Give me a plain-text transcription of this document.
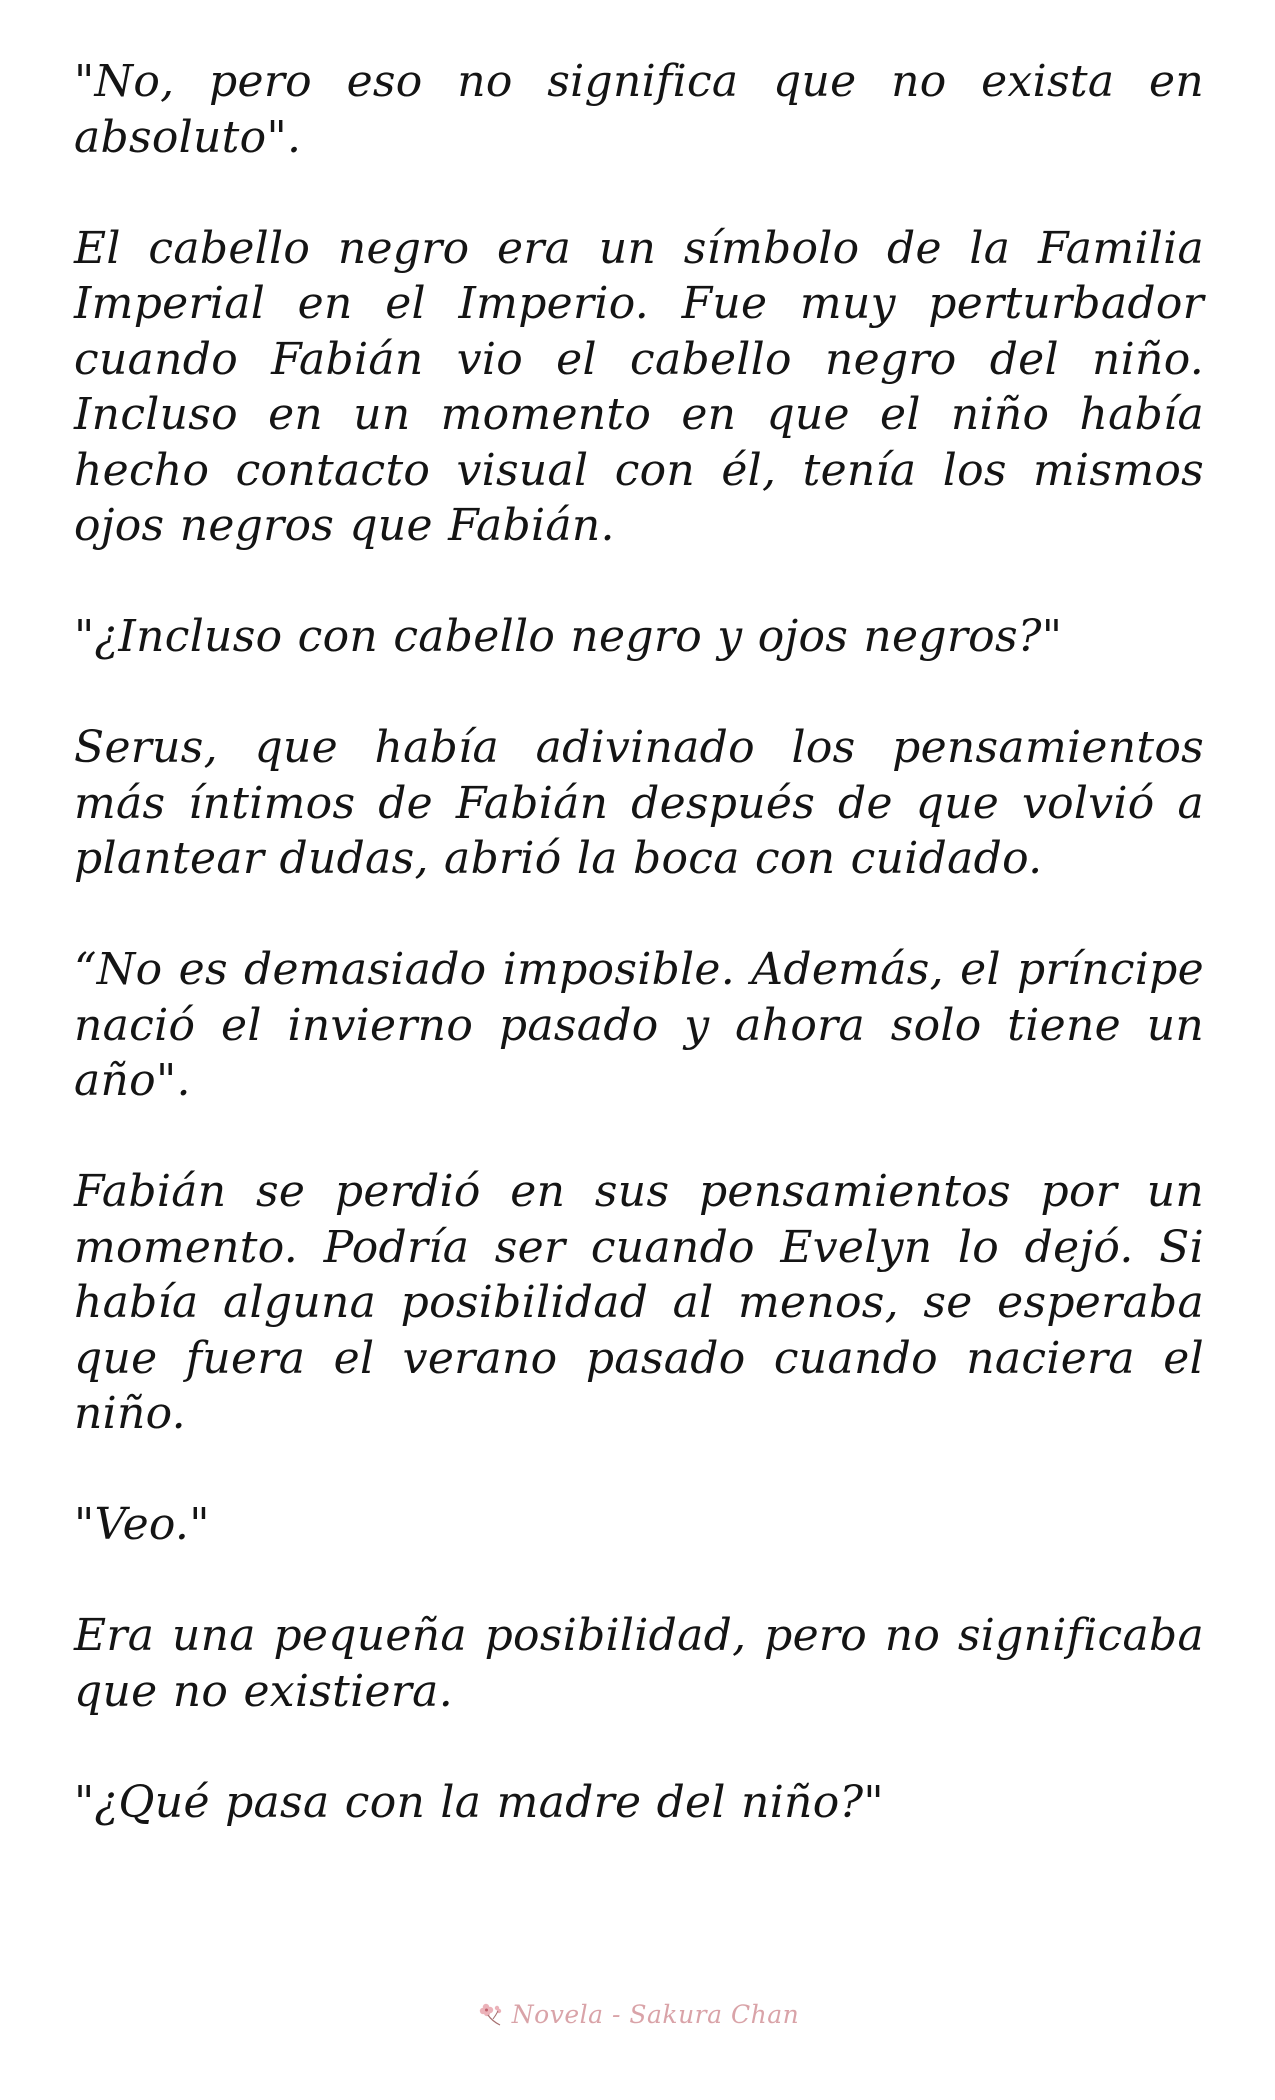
"No, pero eso no significa que no exista en absoluto".

El cabello negro era un símbolo de la Familia Imperial en el Imperio. Fue muy perturbador cuando Fabián vio el cabello negro del niño. Incluso en un momento en que el niño había hecho contacto visual con él, tenía los mismos ojos negros que Fabián.

"¿Incluso con cabello negro y ojos negros?"

Serus, que había adivinado los pensamientos más íntimos de Fabián después de que volvió a plantear dudas, abrió la boca con cuidado.

“No es demasiado imposible. Además, el príncipe nació el invierno pasado y ahora solo tiene un año".

Fabián se perdió en sus pensamientos por un momento. Podría ser cuando Evelyn lo dejó. Si había alguna posibilidad al menos, se esperaba que fuera el verano pasado cuando naciera el niño.

"Veo."

Era una pequeña posibilidad, pero no significaba que no existiera.

"¿Qué pasa con la madre del niño?"

Novela - Sakura Chan
